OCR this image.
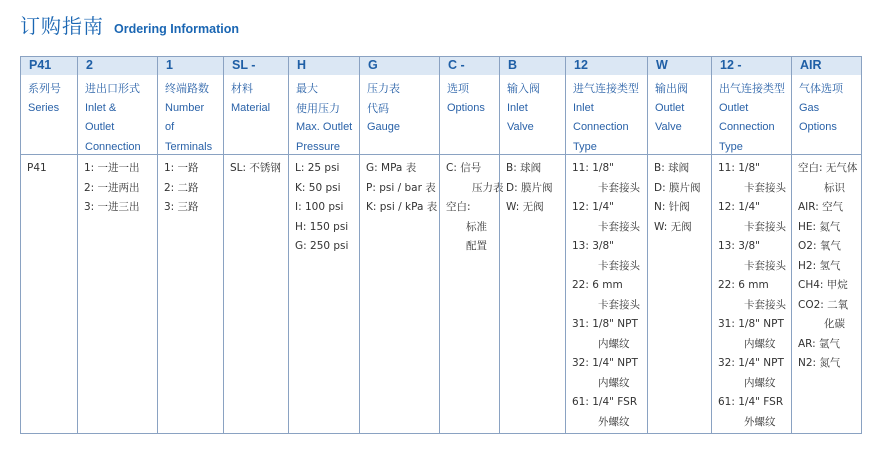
订购指南 Ordering Information
P41
系列号
Series
P41
2
进出口形式
Inlet &
Outlet
Connection
1: 一进一出
2: 一进两出
3: 一进三出
1
终端路数
Number
of
Terminals
1: 一路
2: 二路
3: 三路
SL -
材料
Material
SL: 不锈钢
H
最大
使用压力
Max. Outlet
Pressure
L: 25 psi
K: 50 psi
I: 100 psi
H: 150 psi
G: 250 psi
G
压力表
代码
Gauge
G: MPa 表
P: psi / bar 表
K: psi / kPa 表
C -
选项
Options
C: 信号
压力表
空白:
标准
配置
B
输入阀
Inlet
Valve
B: 球阀
D: 膜片阀
W: 无阀
12
进气连接类型
Inlet
Connection
Type
11: 1/8"
卡套接头
12: 1/4"
卡套接头
13: 3/8"
卡套接头
22: 6 mm
卡套接头
31: 1/8" NPT
内螺纹
32: 1/4" NPT
内螺纹
61: 1/4" FSR
外螺纹
W
输出阀
Outlet
Valve
B: 球阀
D: 膜片阀
N: 针阀
W: 无阀
12 -
出气连接类型
Outlet
Connection
Type
11: 1/8"
卡套接头
12: 1/4"
卡套接头
13: 3/8"
卡套接头
22: 6 mm
卡套接头
31: 1/8" NPT
内螺纹
32: 1/4" NPT
内螺纹
61: 1/4" FSR
外螺纹
AIR
气体选项
Gas
Options
空白: 无气体
标识
AIR: 空气
HE: 氦气
O2: 氧气
H2: 氢气
CH4: 甲烷
CO2: 二氧
化碳
AR: 氩气
N2: 氮气
